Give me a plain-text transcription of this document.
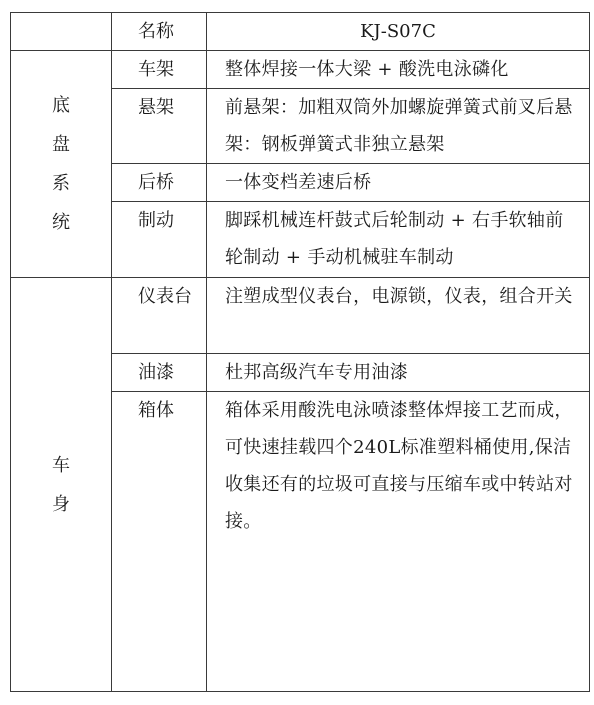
	名称	KJ-S07C
底盘系统	车架	整体焊接一体大梁 + 酸洗电泳磷化
	悬架	前悬架：加粗双筒外加螺旋弹簧式前叉后悬架：钢板弹簧式非独立悬架
	后桥	一体变档差速后桥
	制动	脚踩机械连杆鼓式后轮制动 + 右手软轴前轮制动 + 手动机械驻车制动
车身	仪表台	注塑成型仪表台，电源锁，仪表，组合开关
	油漆	杜邦高级汽车专用油漆
	箱体	箱体采用酸洗电泳喷漆整体焊接工艺而成，可快速挂载四个240L标准塑料桶使用,保洁收集还有的垃圾可直接与压缩车或中转站对接。
